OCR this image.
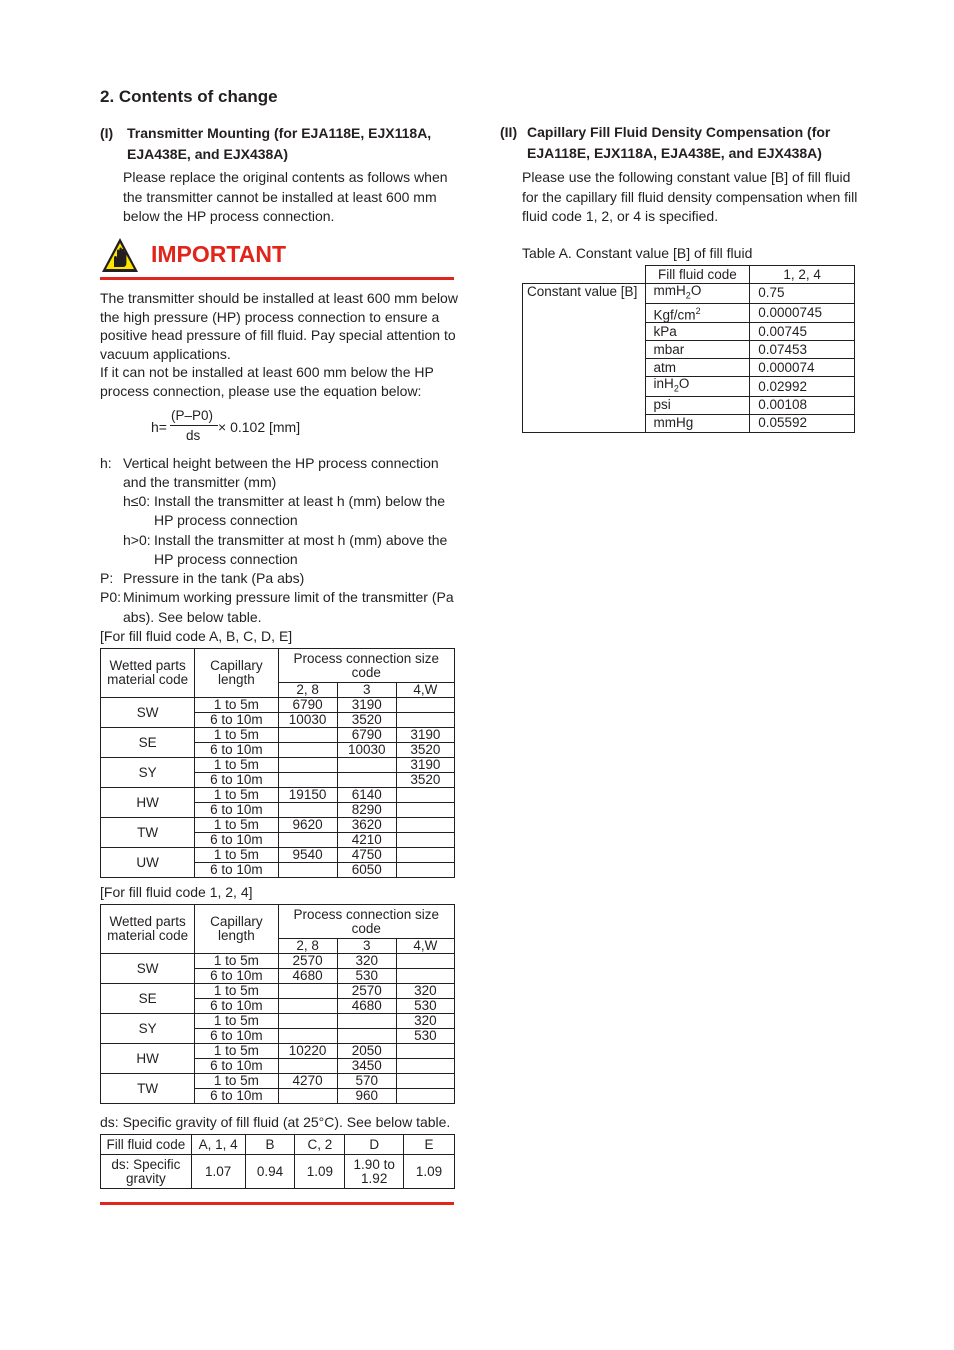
2. Contents of change
(I) Transmitter Mounting (for EJA118E, EJX118A,
EJA438E, and EJX438A)
Please replace the original contents as follows when
the transmitter cannot be installed at least 600 mm
below the HP process connection.
IMPORTANT
The transmitter should be installed at least 600 mm below
the high pressure (HP) process connection to ensure a
positive head pressure of fill fluid. Pay special attention to
vacuum applications.
If it can not be installed at least 600 mm below the HP
process connection, please use the equation below:
h=
(P–P0)
ds
× 0.102 [mm]
h: Vertical height between the HP process connection
and the transmitter (mm)
h≤0: Install the transmitter at least h (mm) below the
HP process connection
h>0: Install the transmitter at most h (mm) above the
HP process connection
P: Pressure in the tank (Pa abs)
P0: Minimum working pressure limit of the transmitter (Pa
abs). See below table.
[For fill fluid code A, B, C, D, E]
Wetted parts material code	Capillary length	Process connection size code		
		2, 8	3	4,W
SW	1 to 5m	6790	3190	
	6 to 10m	10030	3520	
SE	1 to 5m		6790	3190
	6 to 10m		10030	3520
SY	1 to 5m			3190
	6 to 10m			3520
HW	1 to 5m	19150	6140	
	6 to 10m		8290	
TW	1 to 5m	9620	3620	
	6 to 10m		4210	
UW	1 to 5m	9540	4750	
	6 to 10m		6050	
[For fill fluid code 1, 2, 4]
Wetted parts material code	Capillary length	Process connection size code		
		2, 8	3	4,W
SW	1 to 5m	2570	320	
	6 to 10m	4680	530	
SE	1 to 5m		2570	320
	6 to 10m		4680	530
SY	1 to 5m			320
	6 to 10m			530
HW	1 to 5m	10220	2050	
	6 to 10m		3450	
TW	1 to 5m	4270	570	
	6 to 10m		960	
ds: Specific gravity of fill fluid (at 25°C). See below table.
Fill fluid code	A, 1, 4	B	C, 2	D	E
ds: Specific gravity	1.07	0.94	1.09	1.90 to 1.92	1.09
(II) Capillary Fill Fluid Density Compensation (for
EJA118E, EJX118A, EJA438E, and EJX438A)
Please use the following constant value [B] of fill fluid
for the capillary fill fluid density compensation when fill
fluid code 1, 2, or 4 is specified.
Table A. Constant value [B] of fill fluid
	Fill fluid code	1, 2, 4
Constant value [B]	mmH$_2$O	0.75
	Kgf/$cm^2$	0.0000745
	kPa	0.00745
	mbar	0.07453
	atm	0.000074
	inH$_2$O	0.02992
	psi	0.00108
	mmHg	0.05592
